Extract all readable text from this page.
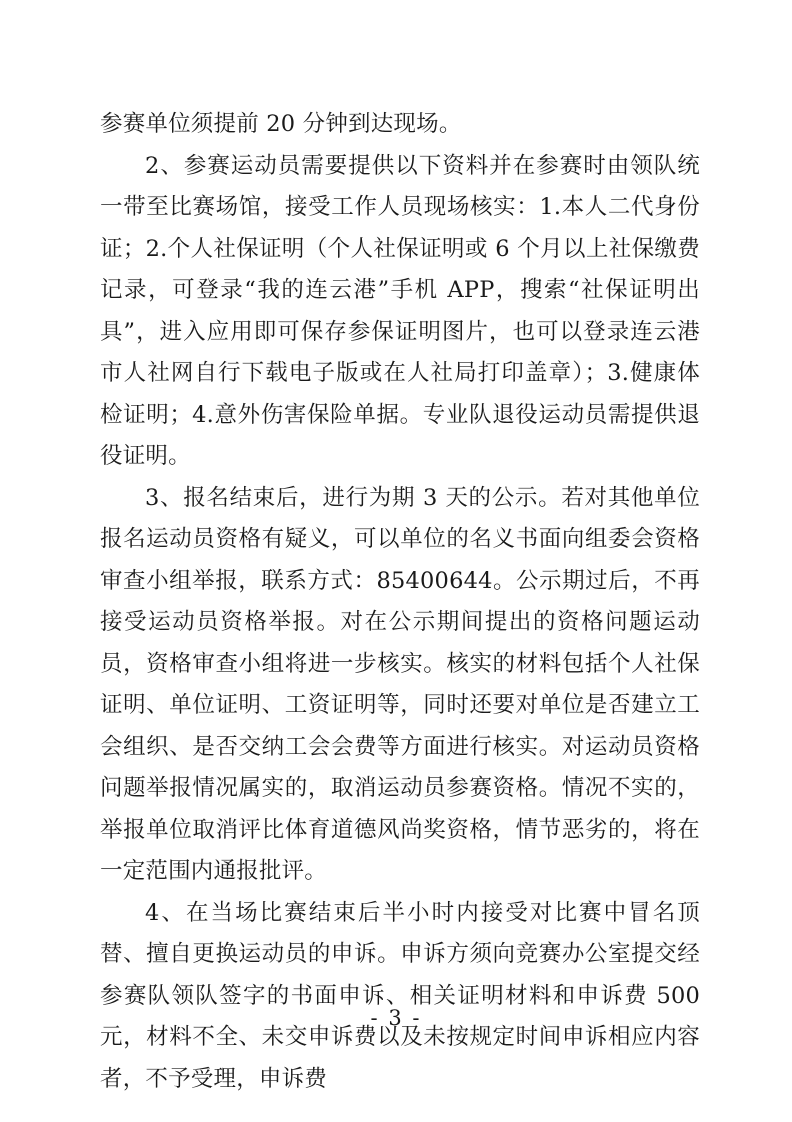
参赛单位须提前 20 分钟到达现场。

2、参赛运动员需要提供以下资料并在参赛时由领队统一带至比赛场馆，接受工作人员现场核实：1.本人二代身份证；2.个人社保证明（个人社保证明或 6 个月以上社保缴费记录，可登录“我的连云港”手机 APP，搜索“社保证明出具”，进入应用即可保存参保证明图片，也可以登录连云港市人社网自行下载电子版或在人社局打印盖章）；3.健康体检证明；4.意外伤害保险单据。专业队退役运动员需提供退役证明。

3、报名结束后，进行为期 3 天的公示。若对其他单位报名运动员资格有疑义，可以单位的名义书面向组委会资格审查小组举报，联系方式：85400644。公示期过后，不再接受运动员资格举报。对在公示期间提出的资格问题运动员，资格审查小组将进一步核实。核实的材料包括个人社保证明、单位证明、工资证明等，同时还要对单位是否建立工会组织、是否交纳工会会费等方面进行核实。对运动员资格问题举报情况属实的，取消运动员参赛资格。情况不实的，举报单位取消评比体育道德风尚奖资格，情节恶劣的，将在一定范围内通报批评。

4、在当场比赛结束后半小时内接受对比赛中冒名顶替、擅自更换运动员的申诉。申诉方须向竞赛办公室提交经参赛队领队签字的书面申诉、相关证明材料和申诉费 500 元，材料不全、未交申诉费以及未按规定时间申诉相应内容者，不予受理，申诉费

- 3 -
